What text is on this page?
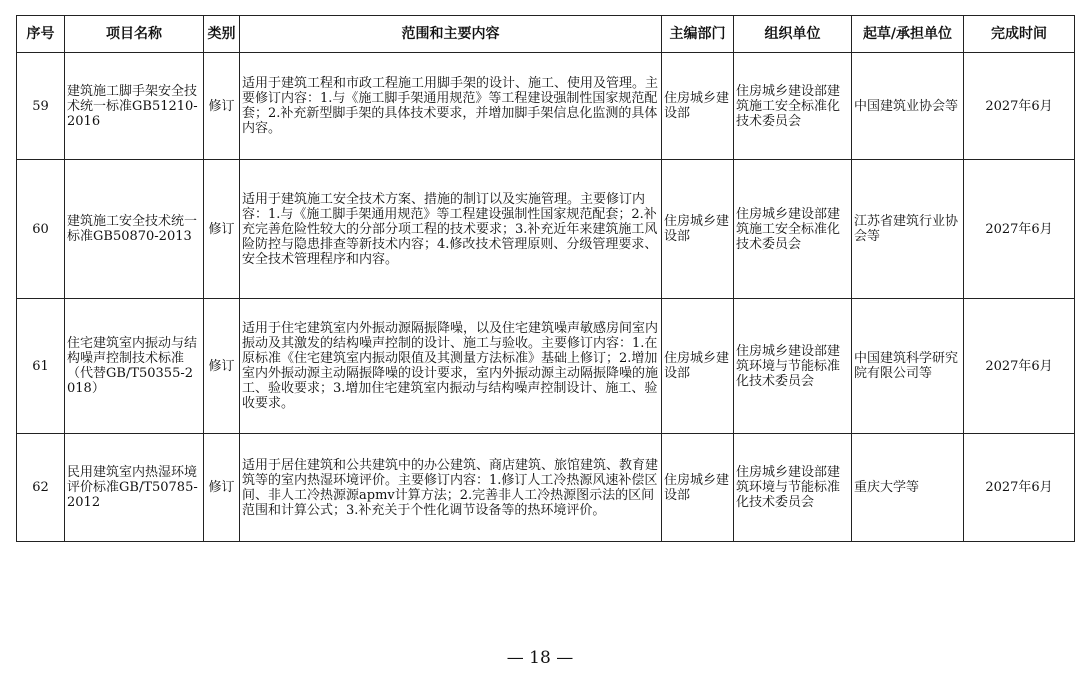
序号	项目名称	类别	范围和主要内容	主编部门	组织单位	起草/承担单位	完成时间
59	建筑施工脚手架安全技术统一标准GB51210-2016	修订	适用于建筑工程和市政工程施工用脚手架的设计、施工、使用及管理。主要修订内容：1.与《施工脚手架通用规范》等工程建设强制性国家规范配套；2.补充新型脚手架的具体技术要求，并增加脚手架信息化监测的具体内容。	住房城乡建设部	住房城乡建设部建筑施工安全标准化技术委员会	中国建筑业协会等	2027年6月
60	建筑施工安全技术统一标准GB50870-2013	修订	适用于建筑施工安全技术方案、措施的制订以及实施管理。主要修订内容：1.与《施工脚手架通用规范》等工程建设强制性国家规范配套；2.补充完善危险性较大的分部分项工程的技术要求；3.补充近年来建筑施工风险防控与隐患排查等新技术内容；4.修改技术管理原则、分级管理要求、安全技术管理程序和内容。	住房城乡建设部	住房城乡建设部建筑施工安全标准化技术委员会	江苏省建筑行业协会等	2027年6月
61	住宅建筑室内振动与结构噪声控制技术标准（代替GB/T50355-2018）	修订	适用于住宅建筑室内外振动源隔振降噪，以及住宅建筑噪声敏感房间室内振动及其激发的结构噪声控制的设计、施工与验收。主要修订内容：1.在原标准《住宅建筑室内振动限值及其测量方法标准》基础上修订；2.增加室内外振动源主动隔振降噪的设计要求，室内外振动源主动隔振降噪的施工、验收要求；3.增加住宅建筑室内振动与结构噪声控制设计、施工、验收要求。	住房城乡建设部	住房城乡建设部建筑环境与节能标准化技术委员会	中国建筑科学研究院有限公司等	2027年6月
62	民用建筑室内热湿环境评价标准GB/T50785-2012	修订	适用于居住建筑和公共建筑中的办公建筑、商店建筑、旅馆建筑、教育建筑等的室内热湿环境评价。主要修订内容：1.修订人工冷热源风速补偿区间、非人工冷热源源apmv计算方法；2.完善非人工冷热源图示法的区间范围和计算公式；3.补充关于个性化调节设备等的热环境评价。	住房城乡建设部	住房城乡建设部建筑环境与节能标准化技术委员会	重庆大学等	2027年6月
— 18 —
